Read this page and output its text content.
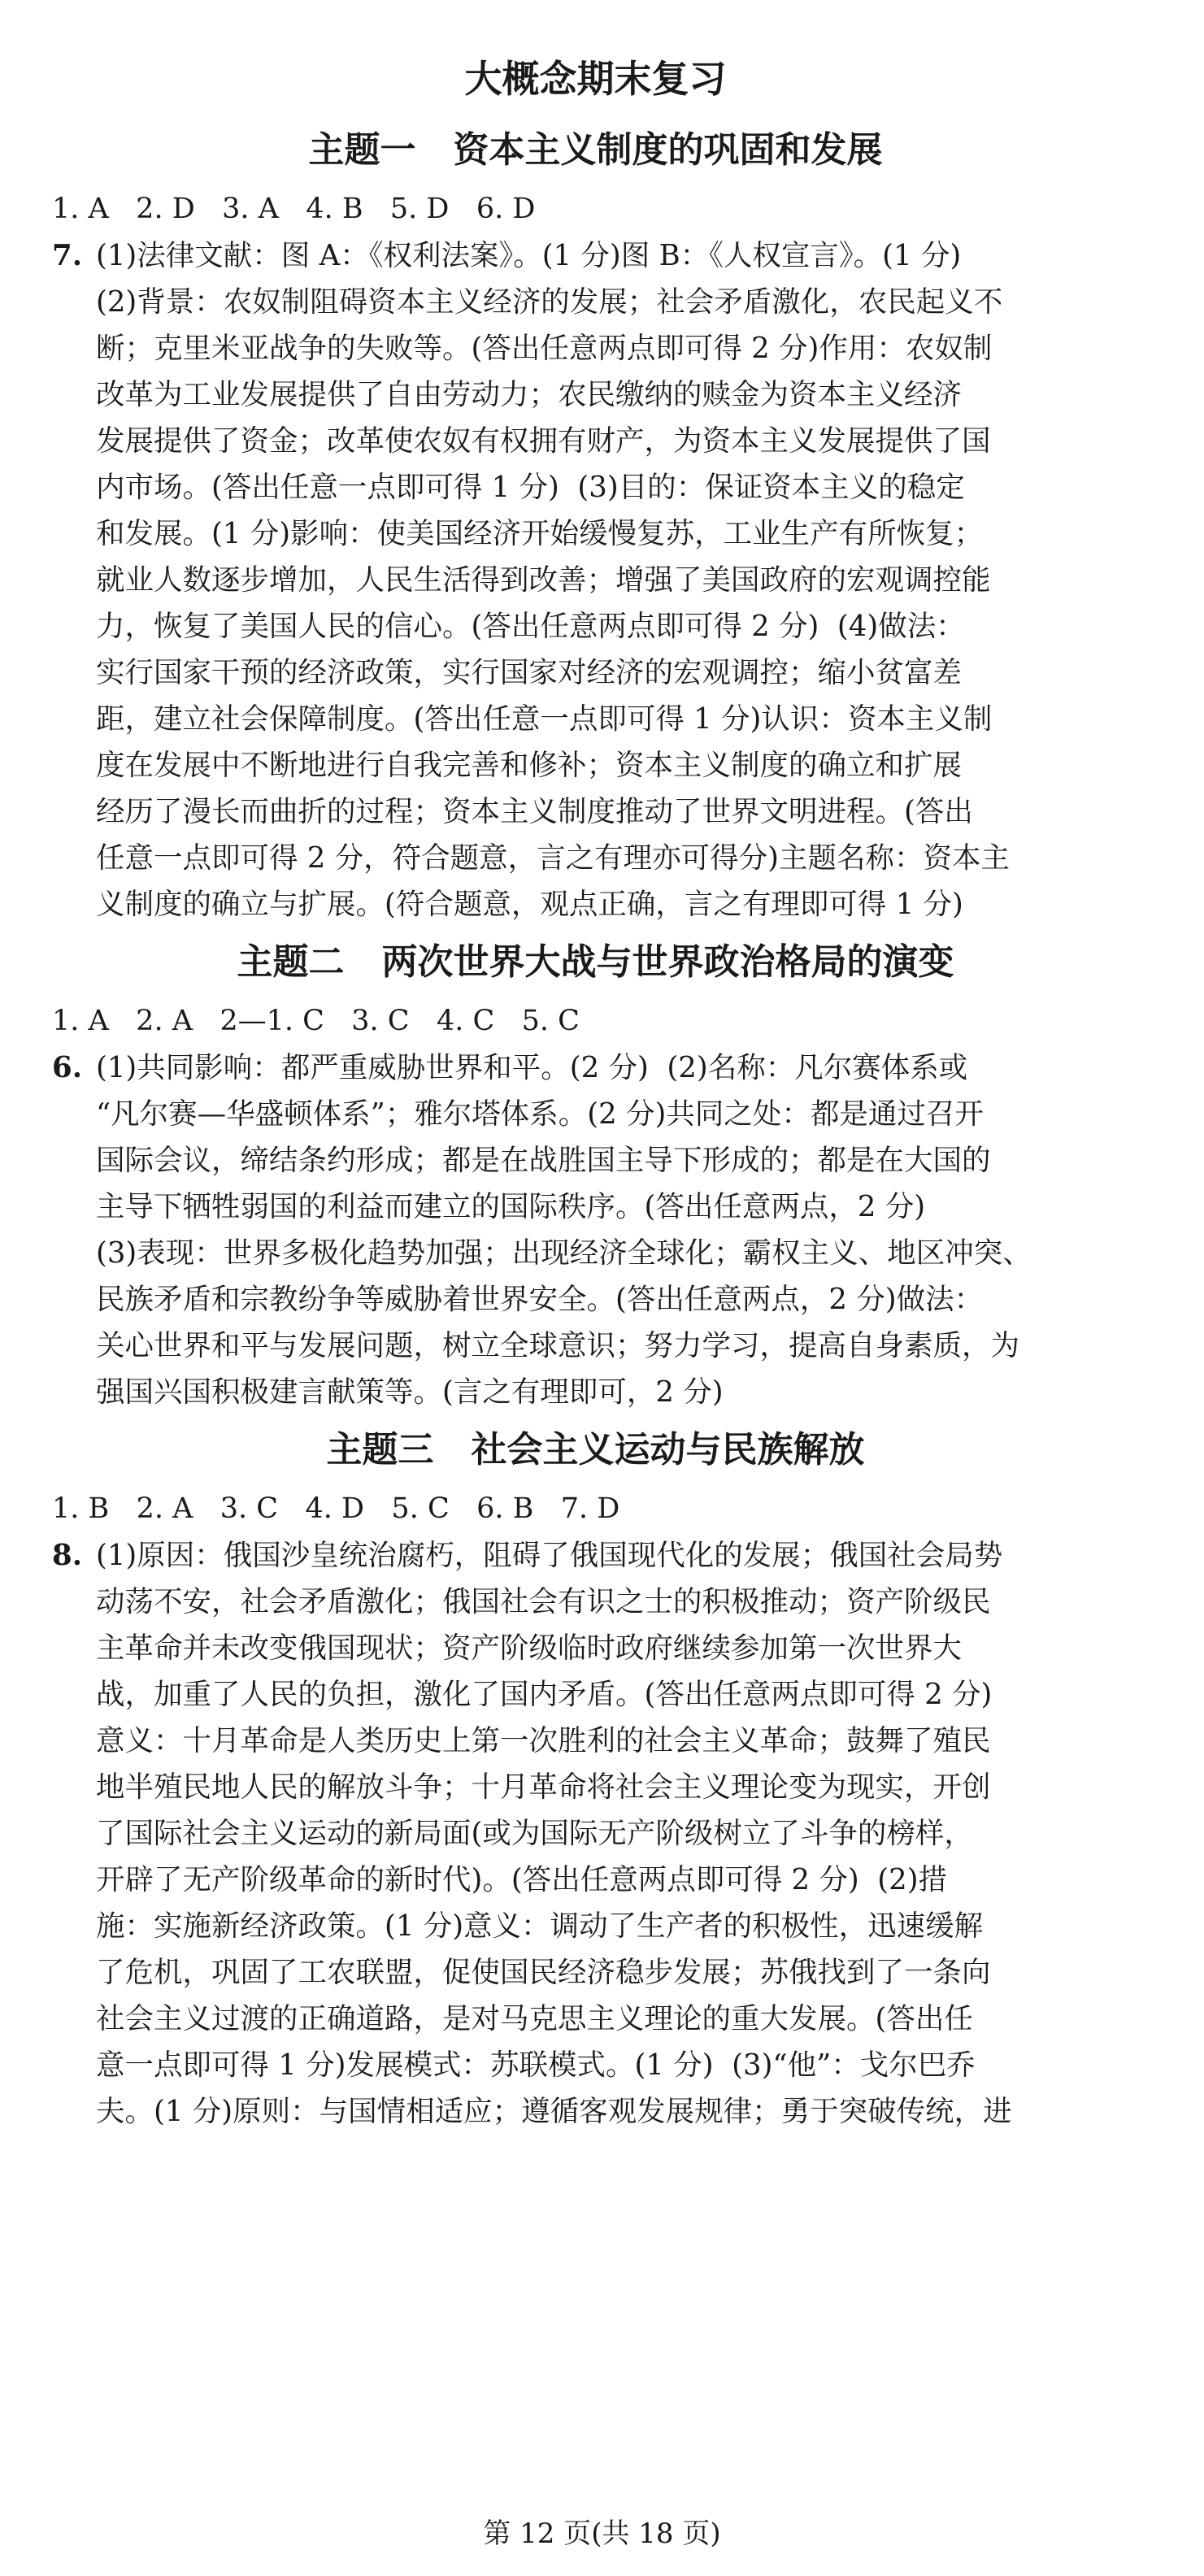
大概念期末复习
主题一   资本主义制度的巩固和发展
1. A   2. D   3. A   4. B   5. D   6. D
7. (1)法律文献：图 A：《权利法案》。(1 分)图 B：《人权宣言》。(1 分)
(2)背景：农奴制阻碍资本主义经济的发展；社会矛盾激化，农民起义不
断；克里米亚战争的失败等。(答出任意两点即可得 2 分)作用：农奴制
改革为工业发展提供了自由劳动力；农民缴纳的赎金为资本主义经济
发展提供了资金；改革使农奴有权拥有财产，为资本主义发展提供了国
内市场。(答出任意一点即可得 1 分)  (3)目的：保证资本主义的稳定
和发展。(1 分)影响：使美国经济开始缓慢复苏，工业生产有所恢复；
就业人数逐步增加，人民生活得到改善；增强了美国政府的宏观调控能
力，恢复了美国人民的信心。(答出任意两点即可得 2 分)  (4)做法：
实行国家干预的经济政策，实行国家对经济的宏观调控；缩小贫富差
距，建立社会保障制度。(答出任意一点即可得 1 分)认识：资本主义制
度在发展中不断地进行自我完善和修补；资本主义制度的确立和扩展
经历了漫长而曲折的过程；资本主义制度推动了世界文明进程。(答出
任意一点即可得 2 分，符合题意，言之有理亦可得分)主题名称：资本主
义制度的确立与扩展。(符合题意，观点正确，言之有理即可得 1 分)
主题二   两次世界大战与世界政治格局的演变
1. A   2. A   2—1. C   3. C   4. C   5. C
6. (1)共同影响：都严重威胁世界和平。(2 分)  (2)名称：凡尔赛体系或
“凡尔赛—华盛顿体系”；雅尔塔体系。(2 分)共同之处：都是通过召开
国际会议，缔结条约形成；都是在战胜国主导下形成的；都是在大国的
主导下牺牲弱国的利益而建立的国际秩序。(答出任意两点，2 分)
(3)表现：世界多极化趋势加强；出现经济全球化；霸权主义、地区冲突、
民族矛盾和宗教纷争等威胁着世界安全。(答出任意两点，2 分)做法：
关心世界和平与发展问题，树立全球意识；努力学习，提高自身素质，为
强国兴国积极建言献策等。(言之有理即可，2 分)
主题三   社会主义运动与民族解放
1. B   2. A   3. C   4. D   5. C   6. B   7. D
8. (1)原因：俄国沙皇统治腐朽，阻碍了俄国现代化的发展；俄国社会局势
动荡不安，社会矛盾激化；俄国社会有识之士的积极推动；资产阶级民
主革命并未改变俄国现状；资产阶级临时政府继续参加第一次世界大
战，加重了人民的负担，激化了国内矛盾。(答出任意两点即可得 2 分)
意义：十月革命是人类历史上第一次胜利的社会主义革命；鼓舞了殖民
地半殖民地人民的解放斗争；十月革命将社会主义理论变为现实，开创
了国际社会主义运动的新局面(或为国际无产阶级树立了斗争的榜样，
开辟了无产阶级革命的新时代)。(答出任意两点即可得 2 分)  (2)措
施：实施新经济政策。(1 分)意义：调动了生产者的积极性，迅速缓解
了危机，巩固了工农联盟，促使国民经济稳步发展；苏俄找到了一条向
社会主义过渡的正确道路，是对马克思主义理论的重大发展。(答出任
意一点即可得 1 分)发展模式：苏联模式。(1 分)  (3)“他”：戈尔巴乔
夫。(1 分)原则：与国情相适应；遵循客观发展规律；勇于突破传统，进
第 12 页(共 18 页)
